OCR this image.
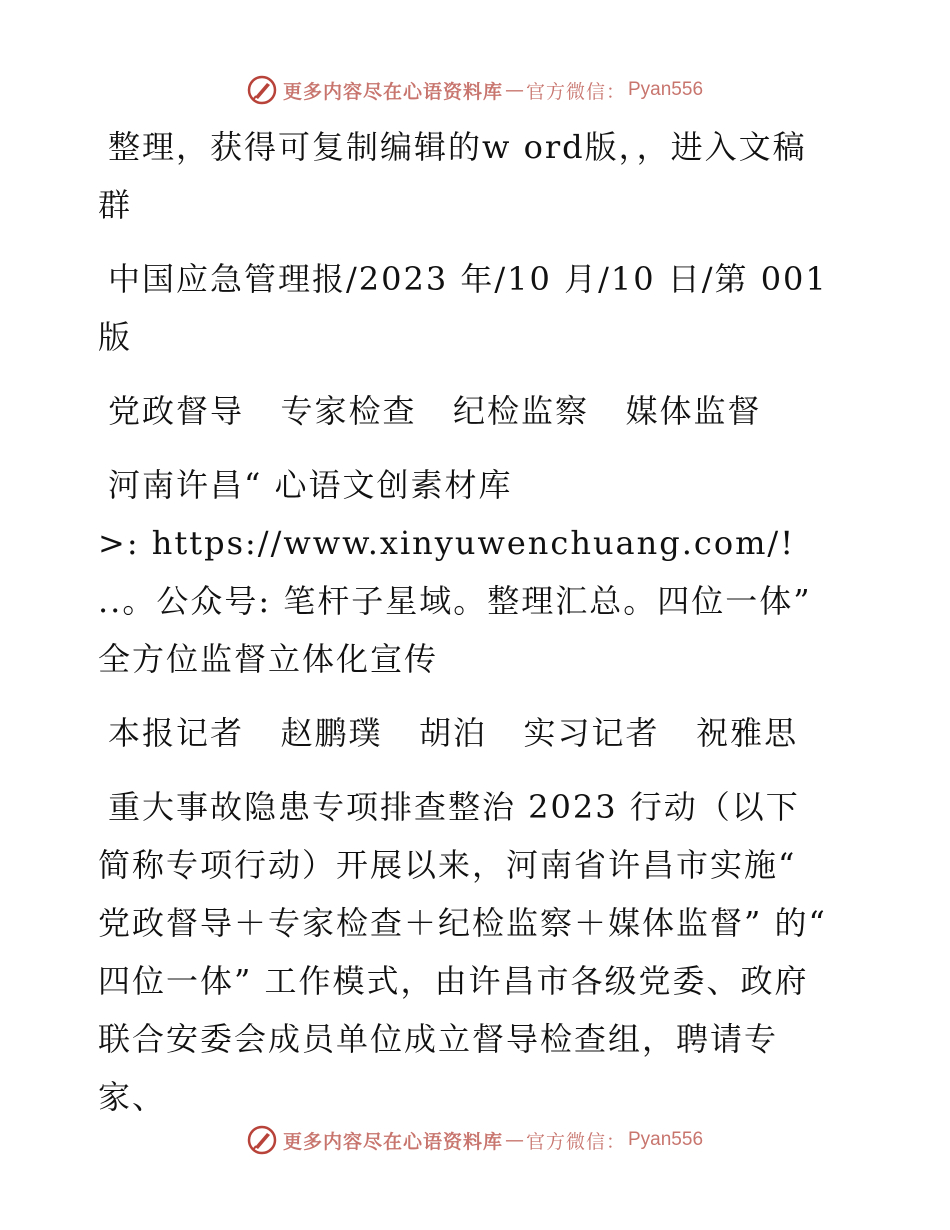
更多内容尽在心语资料库 — 官方微信： Pyan556

整理，获得可复制编辑的w ord版，，进入文稿群

中国应急管理报/2023 年/10 月/10 日/第 001版

党政督导   专家检查   纪检监察   媒体监督

河南许昌“ 心语文创素材库

>: https://www.xinyuwenchuang.com/! ..。公众号: 笔杆子星域。整理汇总。四位一体” 全方位监督立体化宣传

本报记者   赵鹏璞   胡泊   实习记者   祝雅思

重大事故隐患专项排查整治 2023 行动（以下简称专项行动）开展以来，河南省许昌市实施“ 党政督导＋专家检查＋纪检监察＋媒体监督” 的“ 四位一体” 工作模式，由许昌市各级党委、政府联合安委会成员单位成立督导检查组，聘请专家、

更多内容尽在心语资料库 — 官方微信： Pyan556
